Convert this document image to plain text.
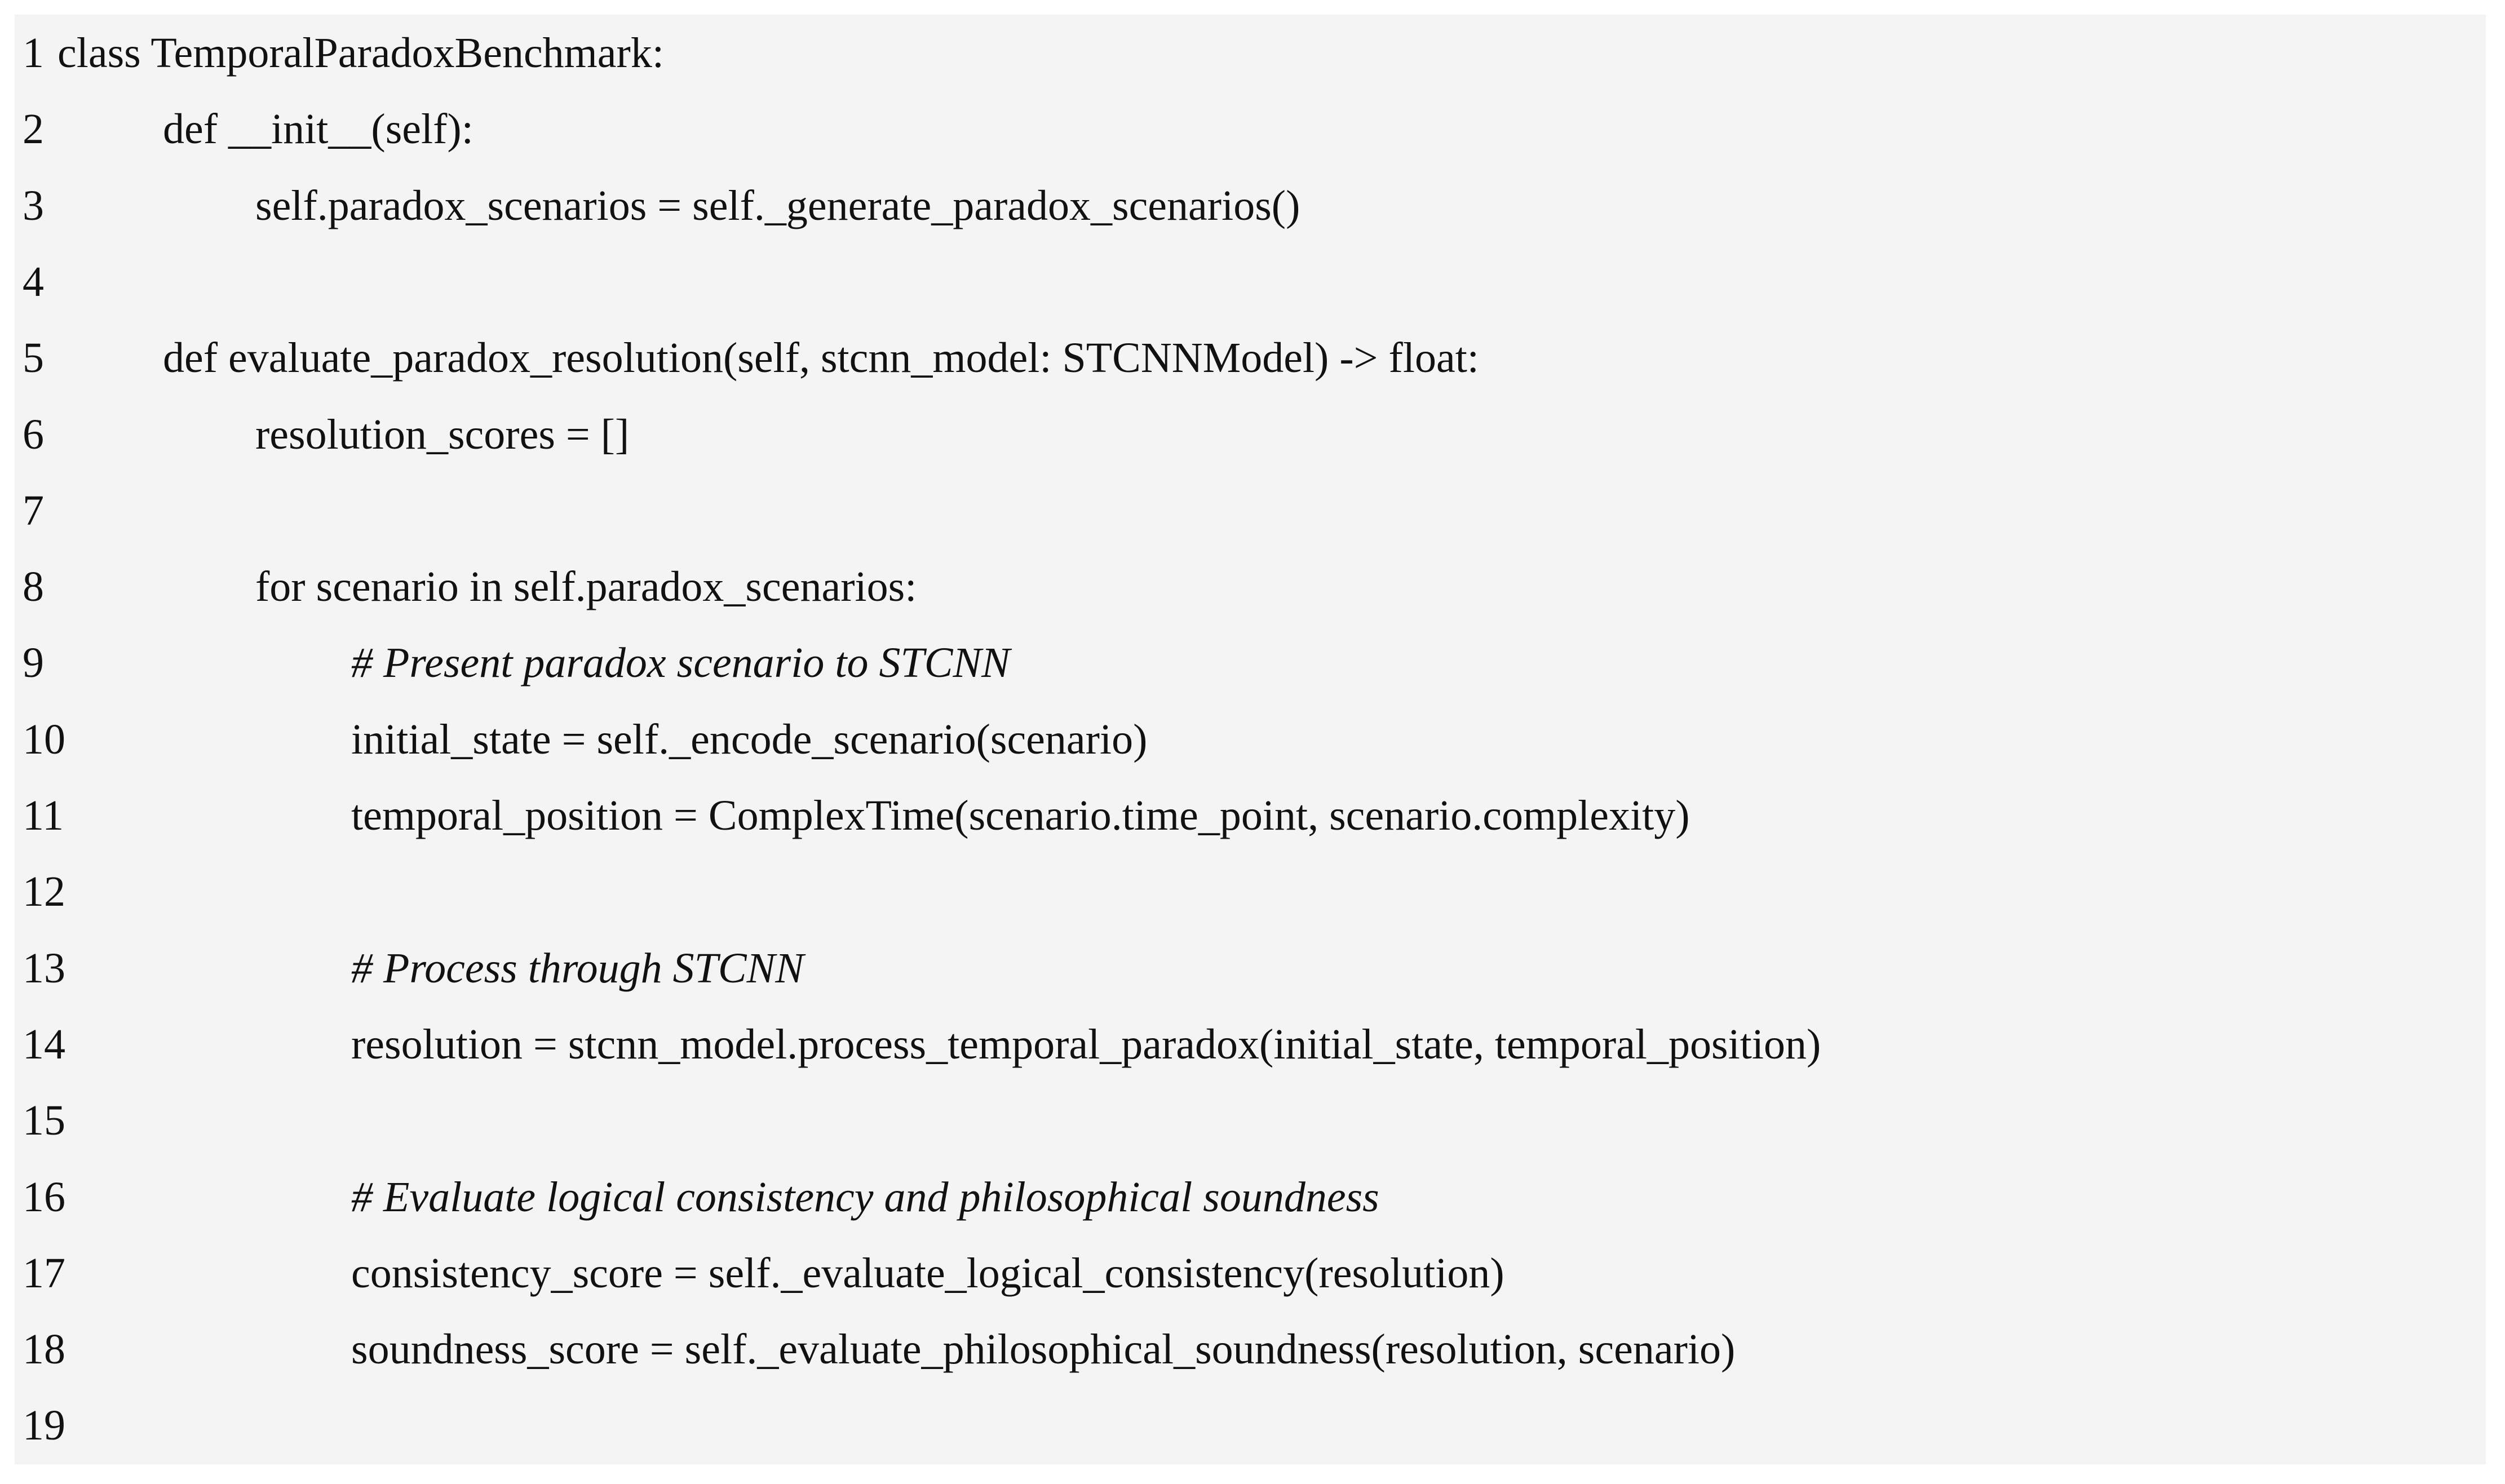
1 class TemporalParadoxBenchmark:
2	def __init__(self):
3	self.paradox_scenarios = self._generate_paradox_scenarios()
4
5	def evaluate_paradox_resolution(self, stcnn_model: STCNNModel) -> float:
6	resolution_scores = []
7
8	for scenario in self.paradox_scenarios:
9	# Present paradox scenario to STCNN
10	initial_state = self._encode_scenario(scenario)
11	temporal_position = ComplexTime(scenario.time_point, scenario.complexity)
12
13	# Process through STCNN
14	resolution = stcnn_model.process_temporal_paradox(initial_state, temporal_position)
15
16	# Evaluate logical consistency and philosophical soundness
17	consistency_score = self._evaluate_logical_consistency(resolution)
18	soundness_score = self._evaluate_philosophical_soundness(resolution, scenario)
19
